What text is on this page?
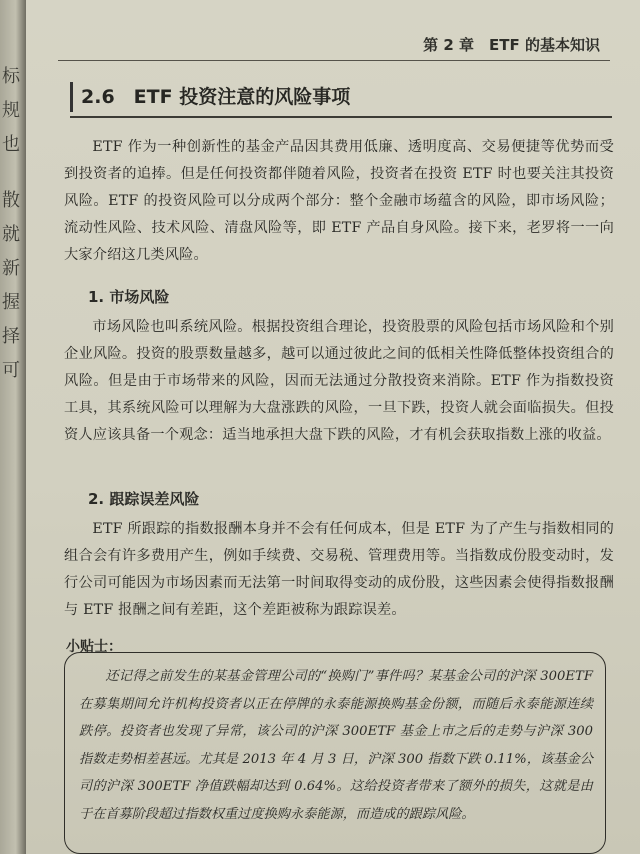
标
规
也
散
就
新
握
择
可
第 2 章　ETF 的基本知识
2.6　ETF 投资注意的风险事项
ETF 作为一种创新性的基金产品因其费用低廉、透明度高、交易便捷等优势而受到投资者的追捧。但是任何投资都伴随着风险，投资者在投资 ETF 时也要关注其投资风险。ETF 的投资风险可以分成两个部分：整个金融市场蕴含的风险，即市场风险；流动性风险、技术风险、清盘风险等，即 ETF 产品自身风险。接下来，老罗将一一向大家介绍这几类风险。
1. 市场风险
市场风险也叫系统风险。根据投资组合理论，投资股票的风险包括市场风险和个别企业风险。投资的股票数量越多，越可以通过彼此之间的低相关性降低整体投资组合的风险。但是由于市场带来的风险，因而无法通过分散投资来消除。ETF 作为指数投资工具，其系统风险可以理解为大盘涨跌的风险，一旦下跌，投资人就会面临损失。但投资人应该具备一个观念：适当地承担大盘下跌的风险，才有机会获取指数上涨的收益。
2. 跟踪误差风险
ETF 所跟踪的指数报酬本身并不会有任何成本，但是 ETF 为了产生与指数相同的组合会有许多费用产生，例如手续费、交易税、管理费用等。当指数成份股变动时，发行公司可能因为市场因素而无法第一时间取得变动的成份股，这些因素会使得指数报酬与 ETF 报酬之间有差距，这个差距被称为跟踪误差。
小贴士：
还记得之前发生的某基金管理公司的“换购门”事件吗？某基金公司的沪深 300ETF 在募集期间允许机构投资者以正在停牌的永泰能源换购基金份额，而随后永泰能源连续跌停。投资者也发现了异常，该公司的沪深 300ETF 基金上市之后的走势与沪深 300 指数走势相差甚远。尤其是 2013 年 4 月 3 日，沪深 300 指数下跌 0.11%，该基金公司的沪深 300ETF 净值跌幅却达到 0.64%。这给投资者带来了额外的损失，这就是由于在首募阶段超过指数权重过度换购永泰能源，而造成的跟踪风险。
